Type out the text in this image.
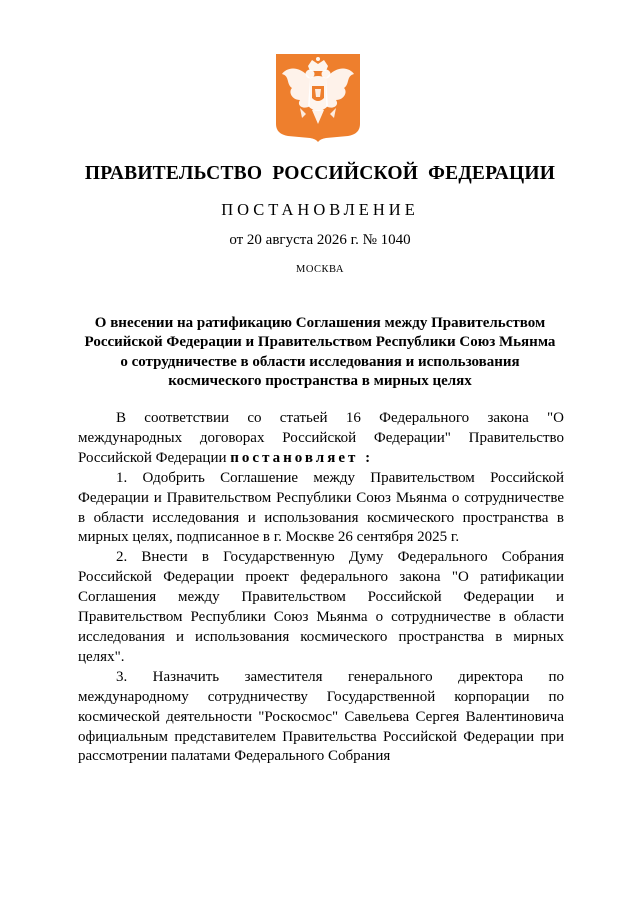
ПРАВИТЕЛЬСТВО РОССИЙСКОЙ ФЕДЕРАЦИИ
ПОСТАНОВЛЕНИЕ
от 20 августа 2026 г. № 1040
МОСКВА
О внесении на ратификацию Соглашения между Правительством
Российской Федерации и Правительством Республики Союз Мьянма
о сотрудничестве в области исследования и использования
космического пространства в мирных целях

В соответствии со статьей 16 Федерального закона "О международных договорах Российской Федерации" Правительство Российской Федерации постановляет :

1. Одобрить Соглашение между Правительством Российской Федерации и Правительством Республики Союз Мьянма о сотрудничестве в области исследования и использования космического пространства в мирных целях, подписанное в г. Москве 26 сентября 2025 г.

2. Внести в Государственную Думу Федерального Собрания Российской Федерации проект федерального закона "О ратификации Соглашения между Правительством Российской Федерации и Правительством Республики Союз Мьянма о сотрудничестве в области исследования и использования космического пространства в мирных целях".

3. Назначить заместителя генерального директора по международному сотрудничеству Государственной корпорации по космической деятельности "Роскосмос" Савельева Сергея Валентиновича официальным представителем Правительства Российской Федерации при рассмотрении палатами Федерального Собрания
